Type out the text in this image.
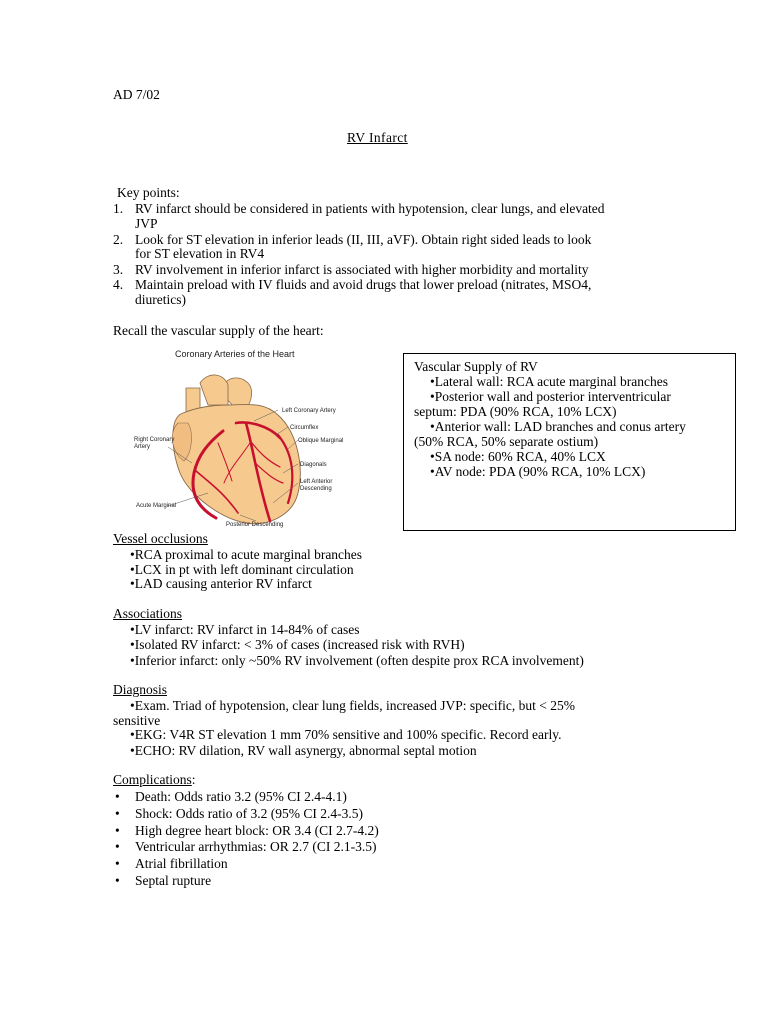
AD 7/02
RV Infarct
Key points:
1. RV infarct should be considered in patients with hypotension, clear lungs, and elevated
JVP
2. Look for ST elevation in inferior leads (II, III, aVF). Obtain right sided leads to look
for ST elevation in RV4
3. RV involvement in inferior infarct is associated with higher morbidity and mortality
4. Maintain preload with IV fluids and avoid drugs that lower preload (nitrates, MSO4,
diuretics)
Recall the vascular supply of the heart:
Coronary Arteries of the Heart
Left Coronary Artery
Circumflex
Oblique Marginal
Right Coronary
Artery
Diagonals
Acute Marginal
Left Anterior
Descending
Posterior Descending
Vascular Supply of RV
•Lateral wall: RCA acute marginal branches
•Posterior wall and posterior interventricular
septum: PDA (90% RCA, 10% LCX)
•Anterior wall: LAD branches and conus artery
(50% RCA, 50% separate ostium)
•SA node: 60% RCA, 40% LCX
•AV node: PDA (90% RCA, 10% LCX)
Vessel occlusions
•RCA proximal to acute marginal branches
•LCX in pt with left dominant circulation
•LAD causing anterior RV infarct
Associations
•LV infarct: RV infarct in 14-84% of cases
•Isolated RV infarct: < 3% of cases (increased risk with RVH)
•Inferior infarct: only ~50% RV involvement (often despite prox RCA involvement)
Diagnosis
•Exam. Triad of hypotension, clear lung fields, increased JVP: specific, but < 25%
sensitive
•EKG: V4R ST elevation 1 mm 70% sensitive and 100% specific. Record early.
•ECHO: RV dilation, RV wall asynergy, abnormal septal motion
Complications:
• Death: Odds ratio 3.2 (95% CI 2.4-4.1)
• Shock: Odds ratio of 3.2 (95% CI 2.4-3.5)
• High degree heart block: OR 3.4 (CI 2.7-4.2)
• Ventricular arrhythmias: OR 2.7 (CI 2.1-3.5)
• Atrial fibrillation
• Septal rupture
